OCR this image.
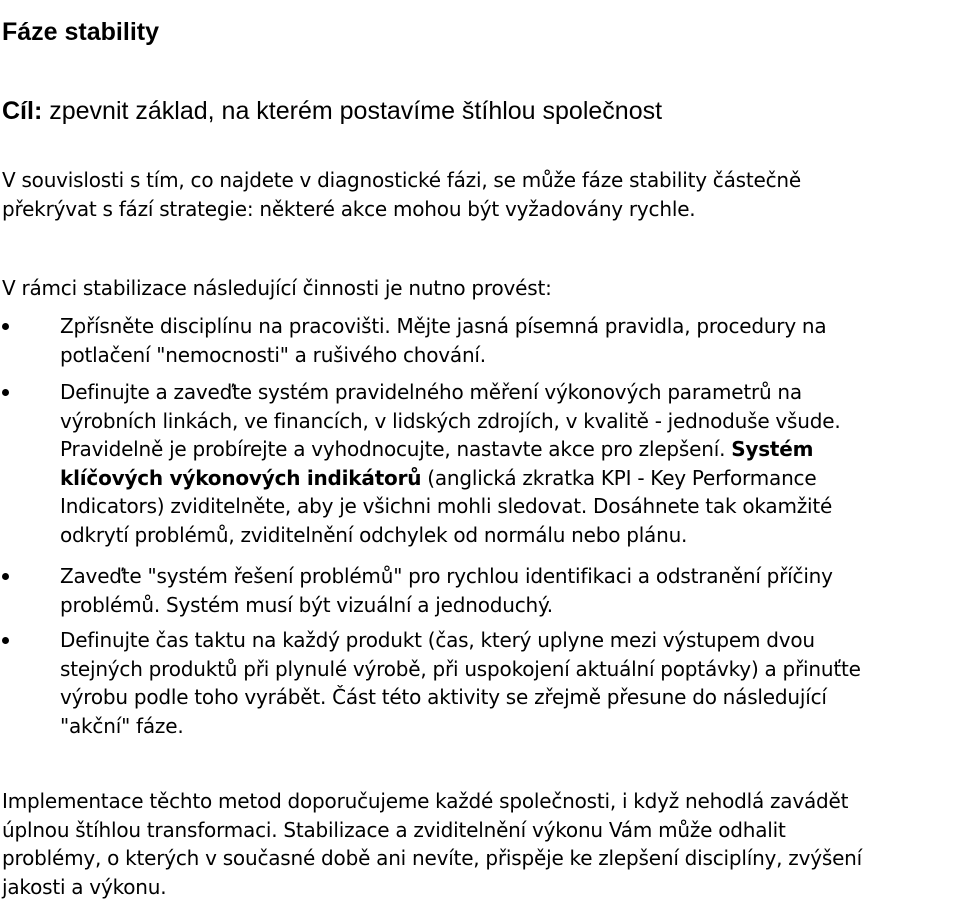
Fáze stability
Cíl: zpevnit základ, na kterém postavíme štíhlou společnost
V souvislosti s tím, co najdete v diagnostické fázi, se může fáze stability částečně
překrývat s fází strategie: některé akce mohou být vyžadovány rychle.
V rámci stabilizace následující činnosti je nutno provést:
Zpřísněte disciplínu na pracovišti. Mějte jasná písemná pravidla, procedury na
potlačení "nemocnosti" a rušivého chování.
Definujte a zaveďte systém pravidelného měření výkonových parametrů na
výrobních linkách, ve financích, v lidských zdrojích, v kvalitě - jednoduše všude.
Pravidelně je probírejte a vyhodnocujte, nastavte akce pro zlepšení. Systém
klíčových výkonových indikátorů (anglická zkratka KPI - Key Performance
Indicators) zviditelněte, aby je všichni mohli sledovat. Dosáhnete tak okamžité
odkrytí problémů, zviditelnění odchylek od normálu nebo plánu.
Zaveďte "systém řešení problémů" pro rychlou identifikaci a odstranění příčiny
problémů. Systém musí být vizuální a jednoduchý.
Definujte čas taktu na každý produkt (čas, který uplyne mezi výstupem dvou
stejných produktů při plynulé výrobě, při uspokojení aktuální poptávky) a přinuťte
výrobu podle toho vyrábět. Část této aktivity se zřejmě přesune do následující
"akční" fáze.
Implementace těchto metod doporučujeme každé společnosti, i když nehodlá zavádět
úplnou štíhlou transformaci. Stabilizace a zviditelnění výkonu Vám může odhalit
problémy, o kterých v současné době ani nevíte, přispěje ke zlepšení disciplíny, zvýšení
jakosti a výkonu.
